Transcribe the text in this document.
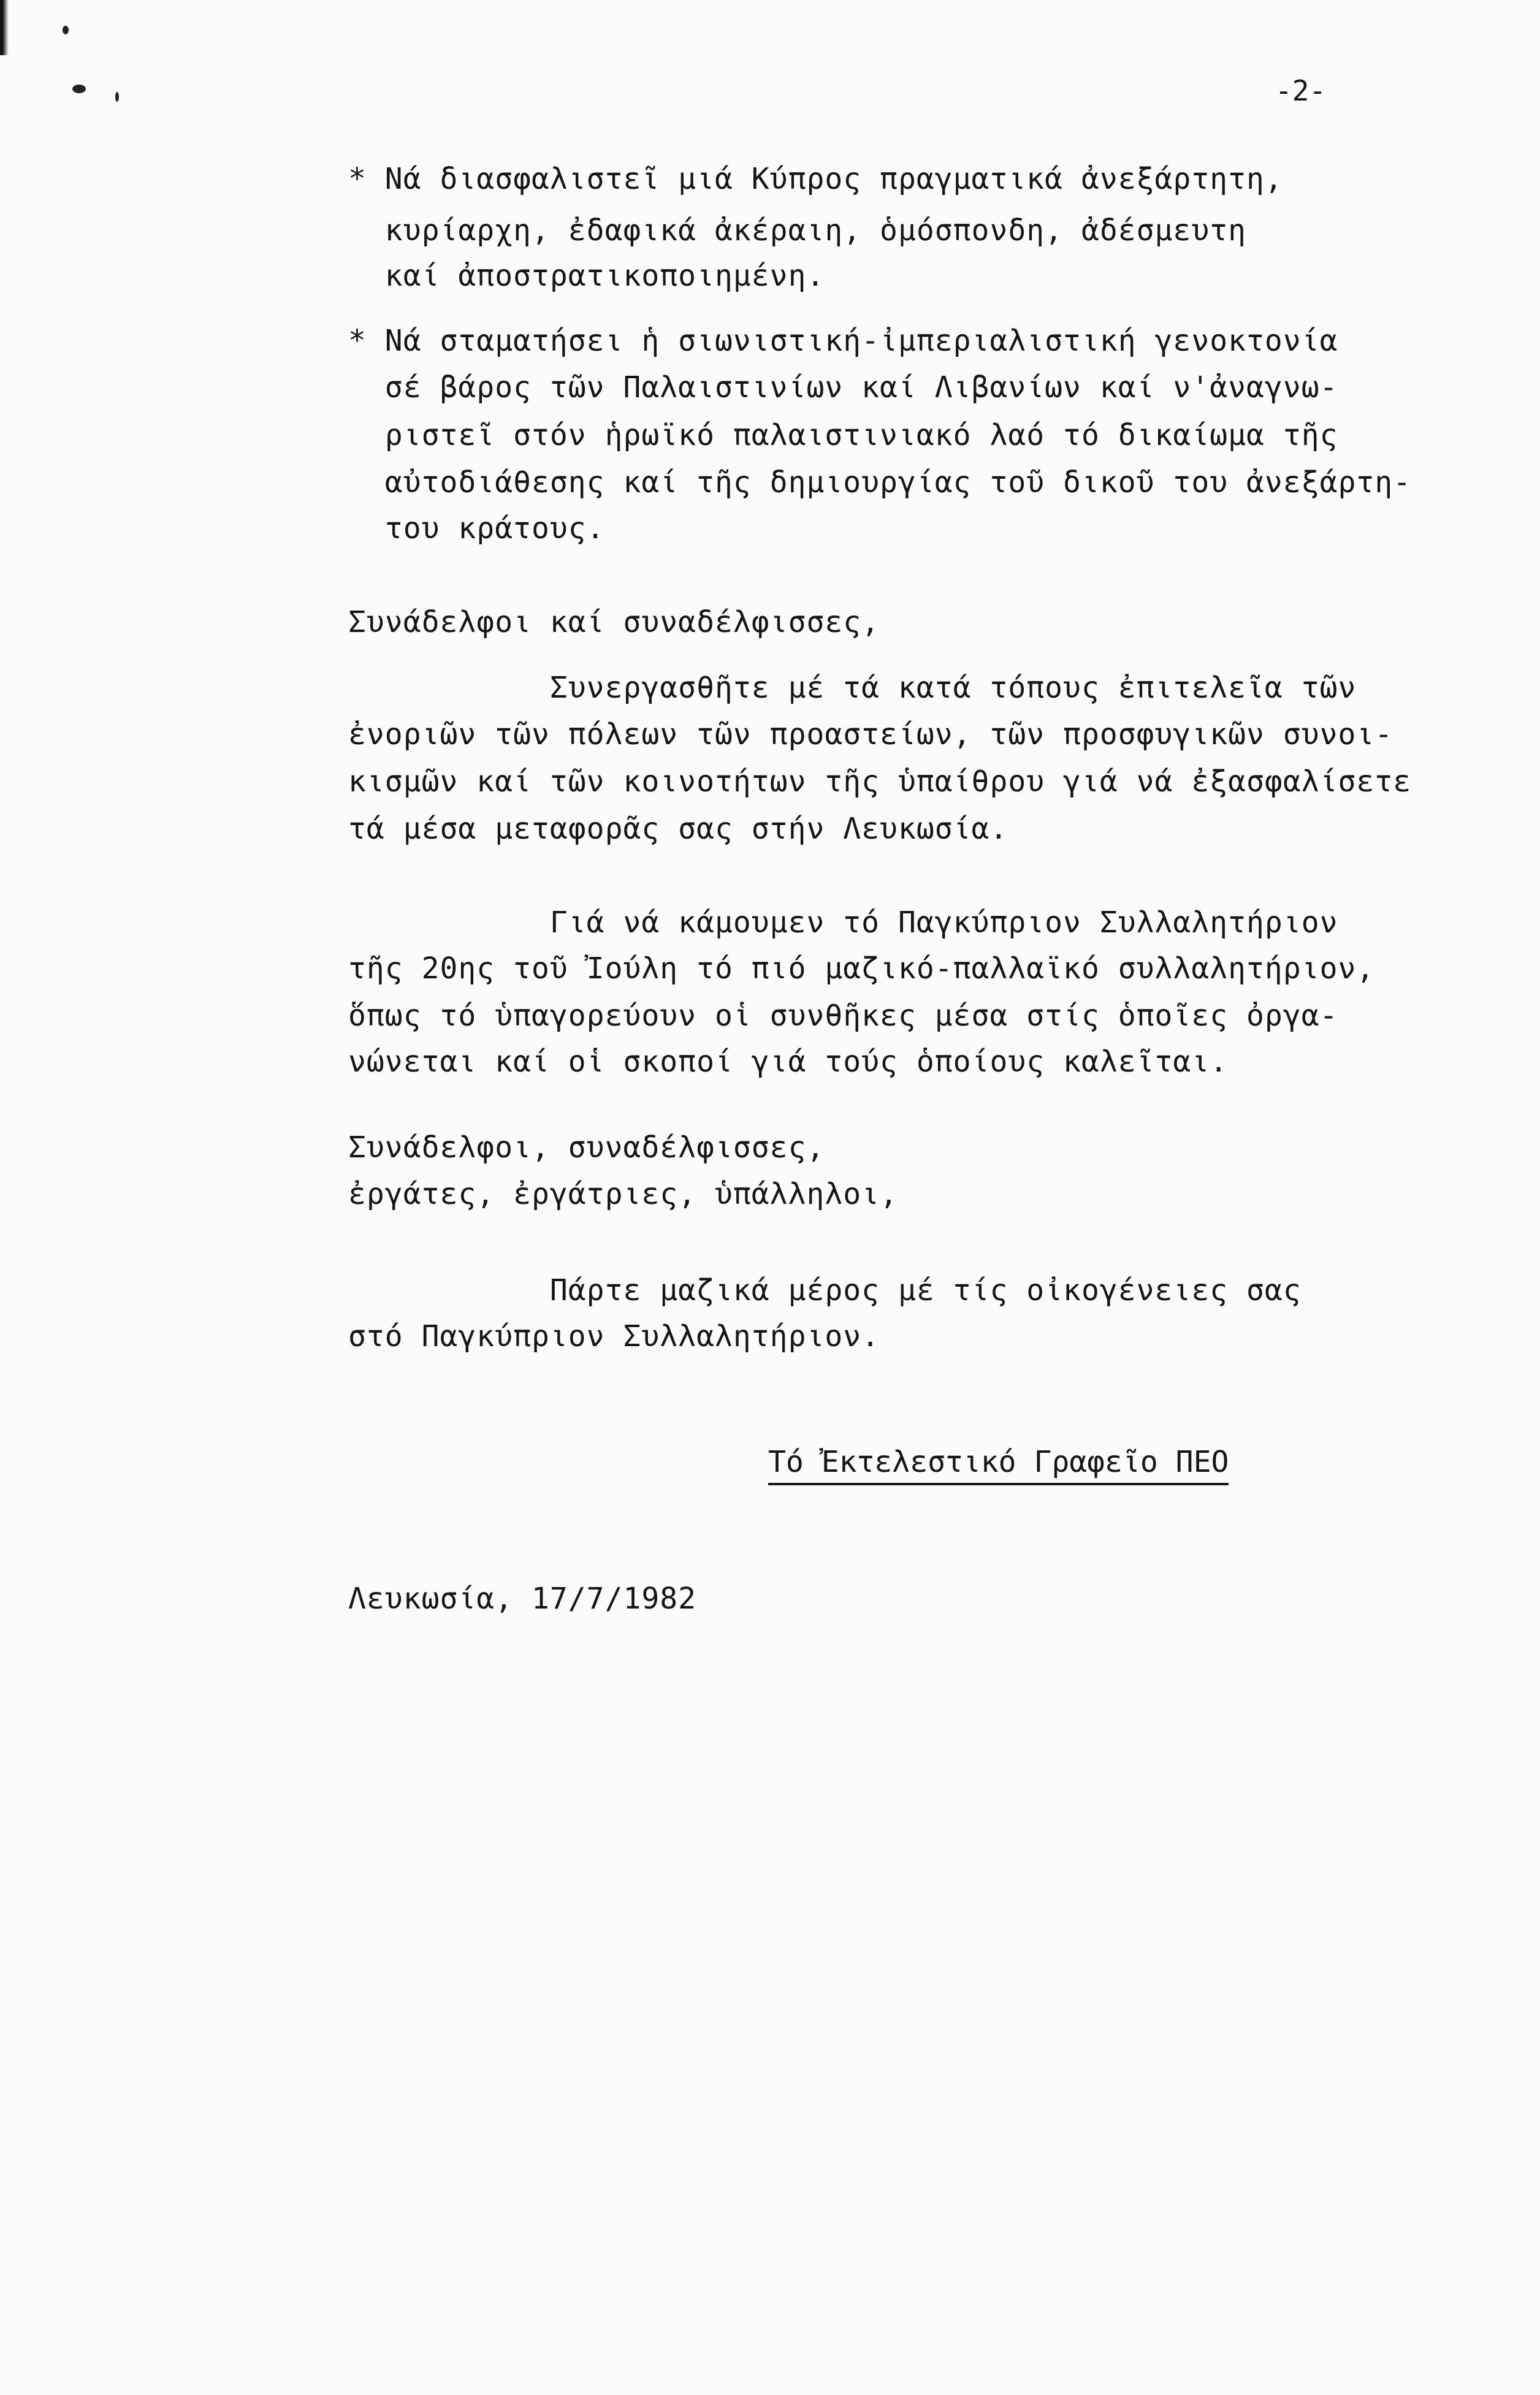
-2-
* Νά διασφαλιστεῖ μιά Κύπρος πραγματικά ἀνεξάρτητη,
κυρίαρχη, ἐδαφικά ἀκέραιη, ὁμόσπονδη, ἀδέσμευτη
καί ἀποστρατικοποιημένη.
* Νά σταματήσει ἡ σιωνιστική-ἰμπεριαλιστική γενοκτονία
σέ βάρος τῶν Παλαιστινίων καί Λιβανίων καί ν'ἀναγνω-
ριστεῖ στόν ἡρωϊκό παλαιστινιακό λαό τό δικαίωμα τῆς
αὐτοδιάθεσης καί τῆς δημιουργίας τοῦ δικοῦ του ἀνεξάρτη-
του κράτους.
Συνάδελφοι καί συναδέλφισσες,
Συνεργασθῆτε μέ τά κατά τόπους ἐπιτελεῖα τῶν
ἐνοριῶν τῶν πόλεων τῶν προαστείων, τῶν προσφυγικῶν συνοι-
κισμῶν καί τῶν κοινοτήτων τῆς ὑπαίθρου γιά νά ἐξασφαλίσετε
τά μέσα μεταφορᾶς σας στήν Λευκωσία.
Γιά νά κάμουμεν τό Παγκύπριον Συλλαλητήριον
τῆς 20ης τοῦ Ἰούλη τό πιό μαζικό-παλλαϊκό συλλαλητήριον,
ὅπως τό ὑπαγορεύουν οἱ συνθῆκες μέσα στίς ὁποῖες ὀργα-
νώνεται καί οἱ σκοποί γιά τούς ὁποίους καλεῖται.
Συνάδελφοι, συναδέλφισσες,
ἐργάτες, ἐργάτριες, ὑπάλληλοι,
Πάρτε μαζικά μέρος μέ τίς οἰκογένειες σας
στό Παγκύπριον Συλλαλητήριον.
Τό Ἐκτελεστικό Γραφεῖο ΠΕΟ
Λευκωσία, 17/7/1982
